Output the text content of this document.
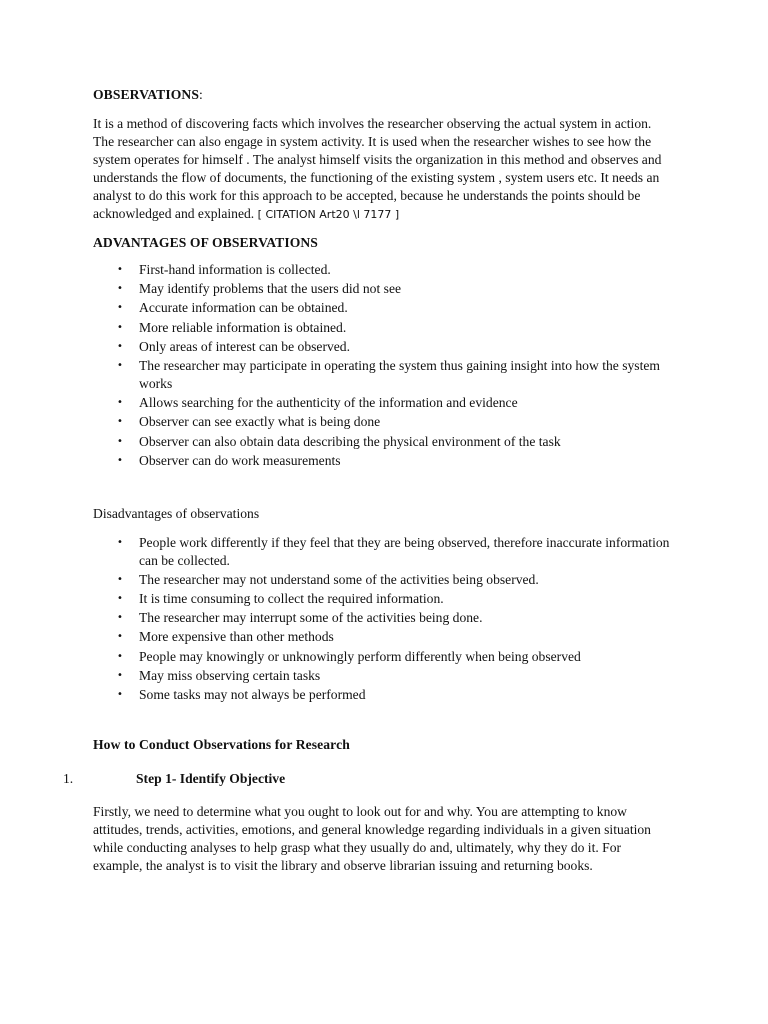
OBSERVATIONS:

It is a method of discovering facts which involves the researcher observing the actual system in action. The researcher can also engage in system activity. It is used when the researcher wishes to see how the system operates for himself . The analyst himself visits the organization in this method and observes and understands the flow of documents, the functioning of the existing system , system users etc. It needs an analyst to do this work for this approach to be accepted, because he understands the points should be acknowledged and explained. [ CITATION Art20 \l 7177 ]

ADVANTAGES OF OBSERVATIONS
• First-hand information is collected.
• May identify problems that the users did not see
• Accurate information can be obtained.
• More reliable information is obtained.
• Only areas of interest can be observed.
• The researcher may participate in operating the system thus gaining insight into how the system works
• Allows searching for the authenticity of the information and evidence
• Observer can see exactly what is being done
• Observer can also obtain data describing the physical environment of the task
• Observer can do work measurements
Disadvantages of observations
• People work differently if they feel that they are being observed, therefore inaccurate information can be collected.
• The researcher may not understand some of the activities being observed.
• It is time consuming to collect the required information.
• The researcher may interrupt some of the activities being done.
• More expensive than other methods
• People may knowingly or unknowingly perform differently when being observed
• May miss observing certain tasks
• Some tasks may not always be performed
How to Conduct Observations for Research
1.	Step 1- Identify Objective

Firstly, we need to determine what you ought to look out for and why. You are attempting to know attitudes, trends, activities, emotions, and general knowledge regarding individuals in a given situation while conducting analyses to help grasp what they usually do and, ultimately, why they do it. For example, the analyst is to visit the library and observe librarian issuing and returning books.
